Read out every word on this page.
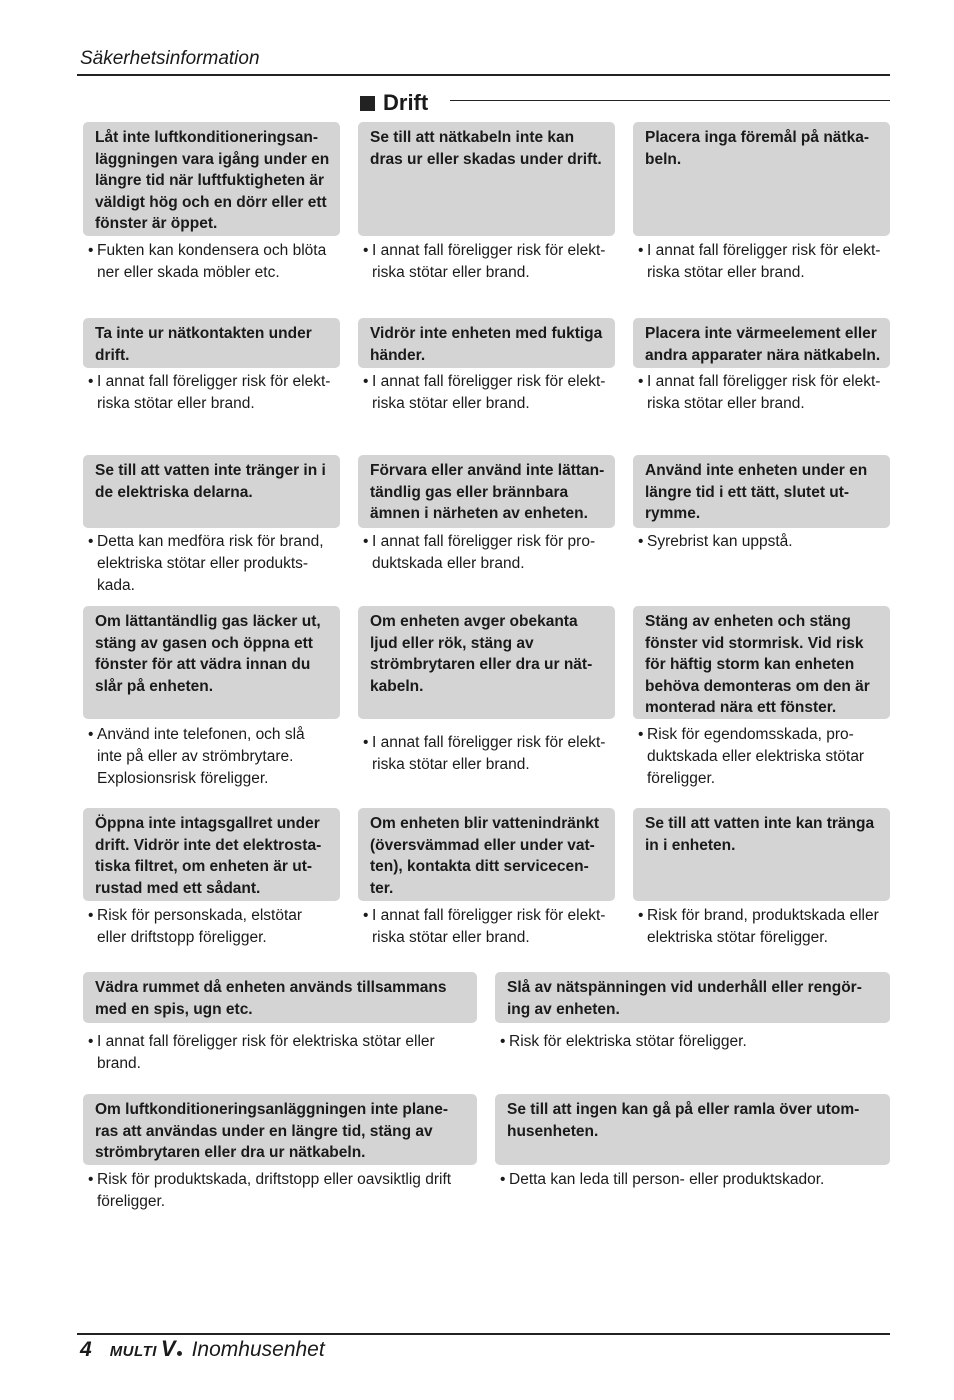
Säkerhetsinformation
Drift
Låt inte luftkonditioneringsan-
läggningen vara igång under en
längre tid när luftfuktigheten är
väldigt hög och en dörr eller ett
fönster är öppet.
• Fukten kan kondensera och blöta
ner eller skada möbler etc.
Se till att nätkabeln inte kan
dras ur eller skadas under drift.
• I annat fall föreligger risk för elekt-
riska stötar eller brand.
Placera inga föremål på nätka-
beln.
• I annat fall föreligger risk för elekt-
riska stötar eller brand.
Ta inte ur nätkontakten under
drift.
• I annat fall föreligger risk för elekt-
riska stötar eller brand.
Vidrör inte enheten med fuktiga
händer.
• I annat fall föreligger risk för elekt-
riska stötar eller brand.
Placera inte värmeelement eller
andra apparater nära nätkabeln.
• I annat fall föreligger risk för elekt-
riska stötar eller brand.
Se till att vatten inte tränger in i
de elektriska delarna.
• Detta kan medföra risk för brand,
elektriska stötar eller produkts-
kada.
Förvara eller använd inte lättan-
tändlig gas eller brännbara
ämnen i närheten av enheten.
• I annat fall föreligger risk för pro-
duktskada eller brand.
Använd inte enheten under en
längre tid i ett tätt, slutet ut-
rymme.
• Syrebrist kan uppstå.
Om lättantändlig gas läcker ut,
stäng av gasen och öppna ett
fönster för att vädra innan du
slår på enheten.
• Använd inte telefonen, och slå
inte på eller av strömbrytare.
Explosionsrisk föreligger.
Om enheten avger obekanta
ljud eller rök, stäng av
strömbrytaren eller dra ur nät-
kabeln.
• I annat fall föreligger risk för elekt-
riska stötar eller brand.
Stäng av enheten och stäng
fönster vid stormrisk. Vid risk
för häftig storm kan enheten
behöva demonteras om den är
monterad nära ett fönster.
• Risk för egendomsskada, pro-
duktskada eller elektriska stötar
föreligger.
Öppna inte intagsgallret under
drift. Vidrör inte det elektrosta-
tiska filtret, om enheten är ut-
rustad med ett sådant.
• Risk för personskada, elstötar
eller driftstopp föreligger.
Om enheten blir vattenindränkt
(översvämmad eller under vat-
ten), kontakta ditt servicecen-
ter.
• I annat fall föreligger risk för elekt-
riska stötar eller brand.
Se till att vatten inte kan tränga
in i enheten.
• Risk för brand, produktskada eller
elektriska stötar föreligger.
Vädra rummet då enheten används tillsammans
med en spis, ugn etc.
• I annat fall föreligger risk för elektriska stötar eller
brand.
Slå av nätspänningen vid underhåll eller rengör-
ing av enheten.
• Risk för elektriska stötar föreligger.
Om luftkonditioneringsanläggningen inte plane-
ras att användas under en längre tid, stäng av
strömbrytaren eller dra ur nätkabeln.
• Risk för produktskada, driftstopp eller oavsiktlig drift
föreligger.
Se till att ingen kan gå på eller ramla över utom-
husenheten.
• Detta kan leda till person- eller produktskador.
4 MULTI V Inomhusenhet
